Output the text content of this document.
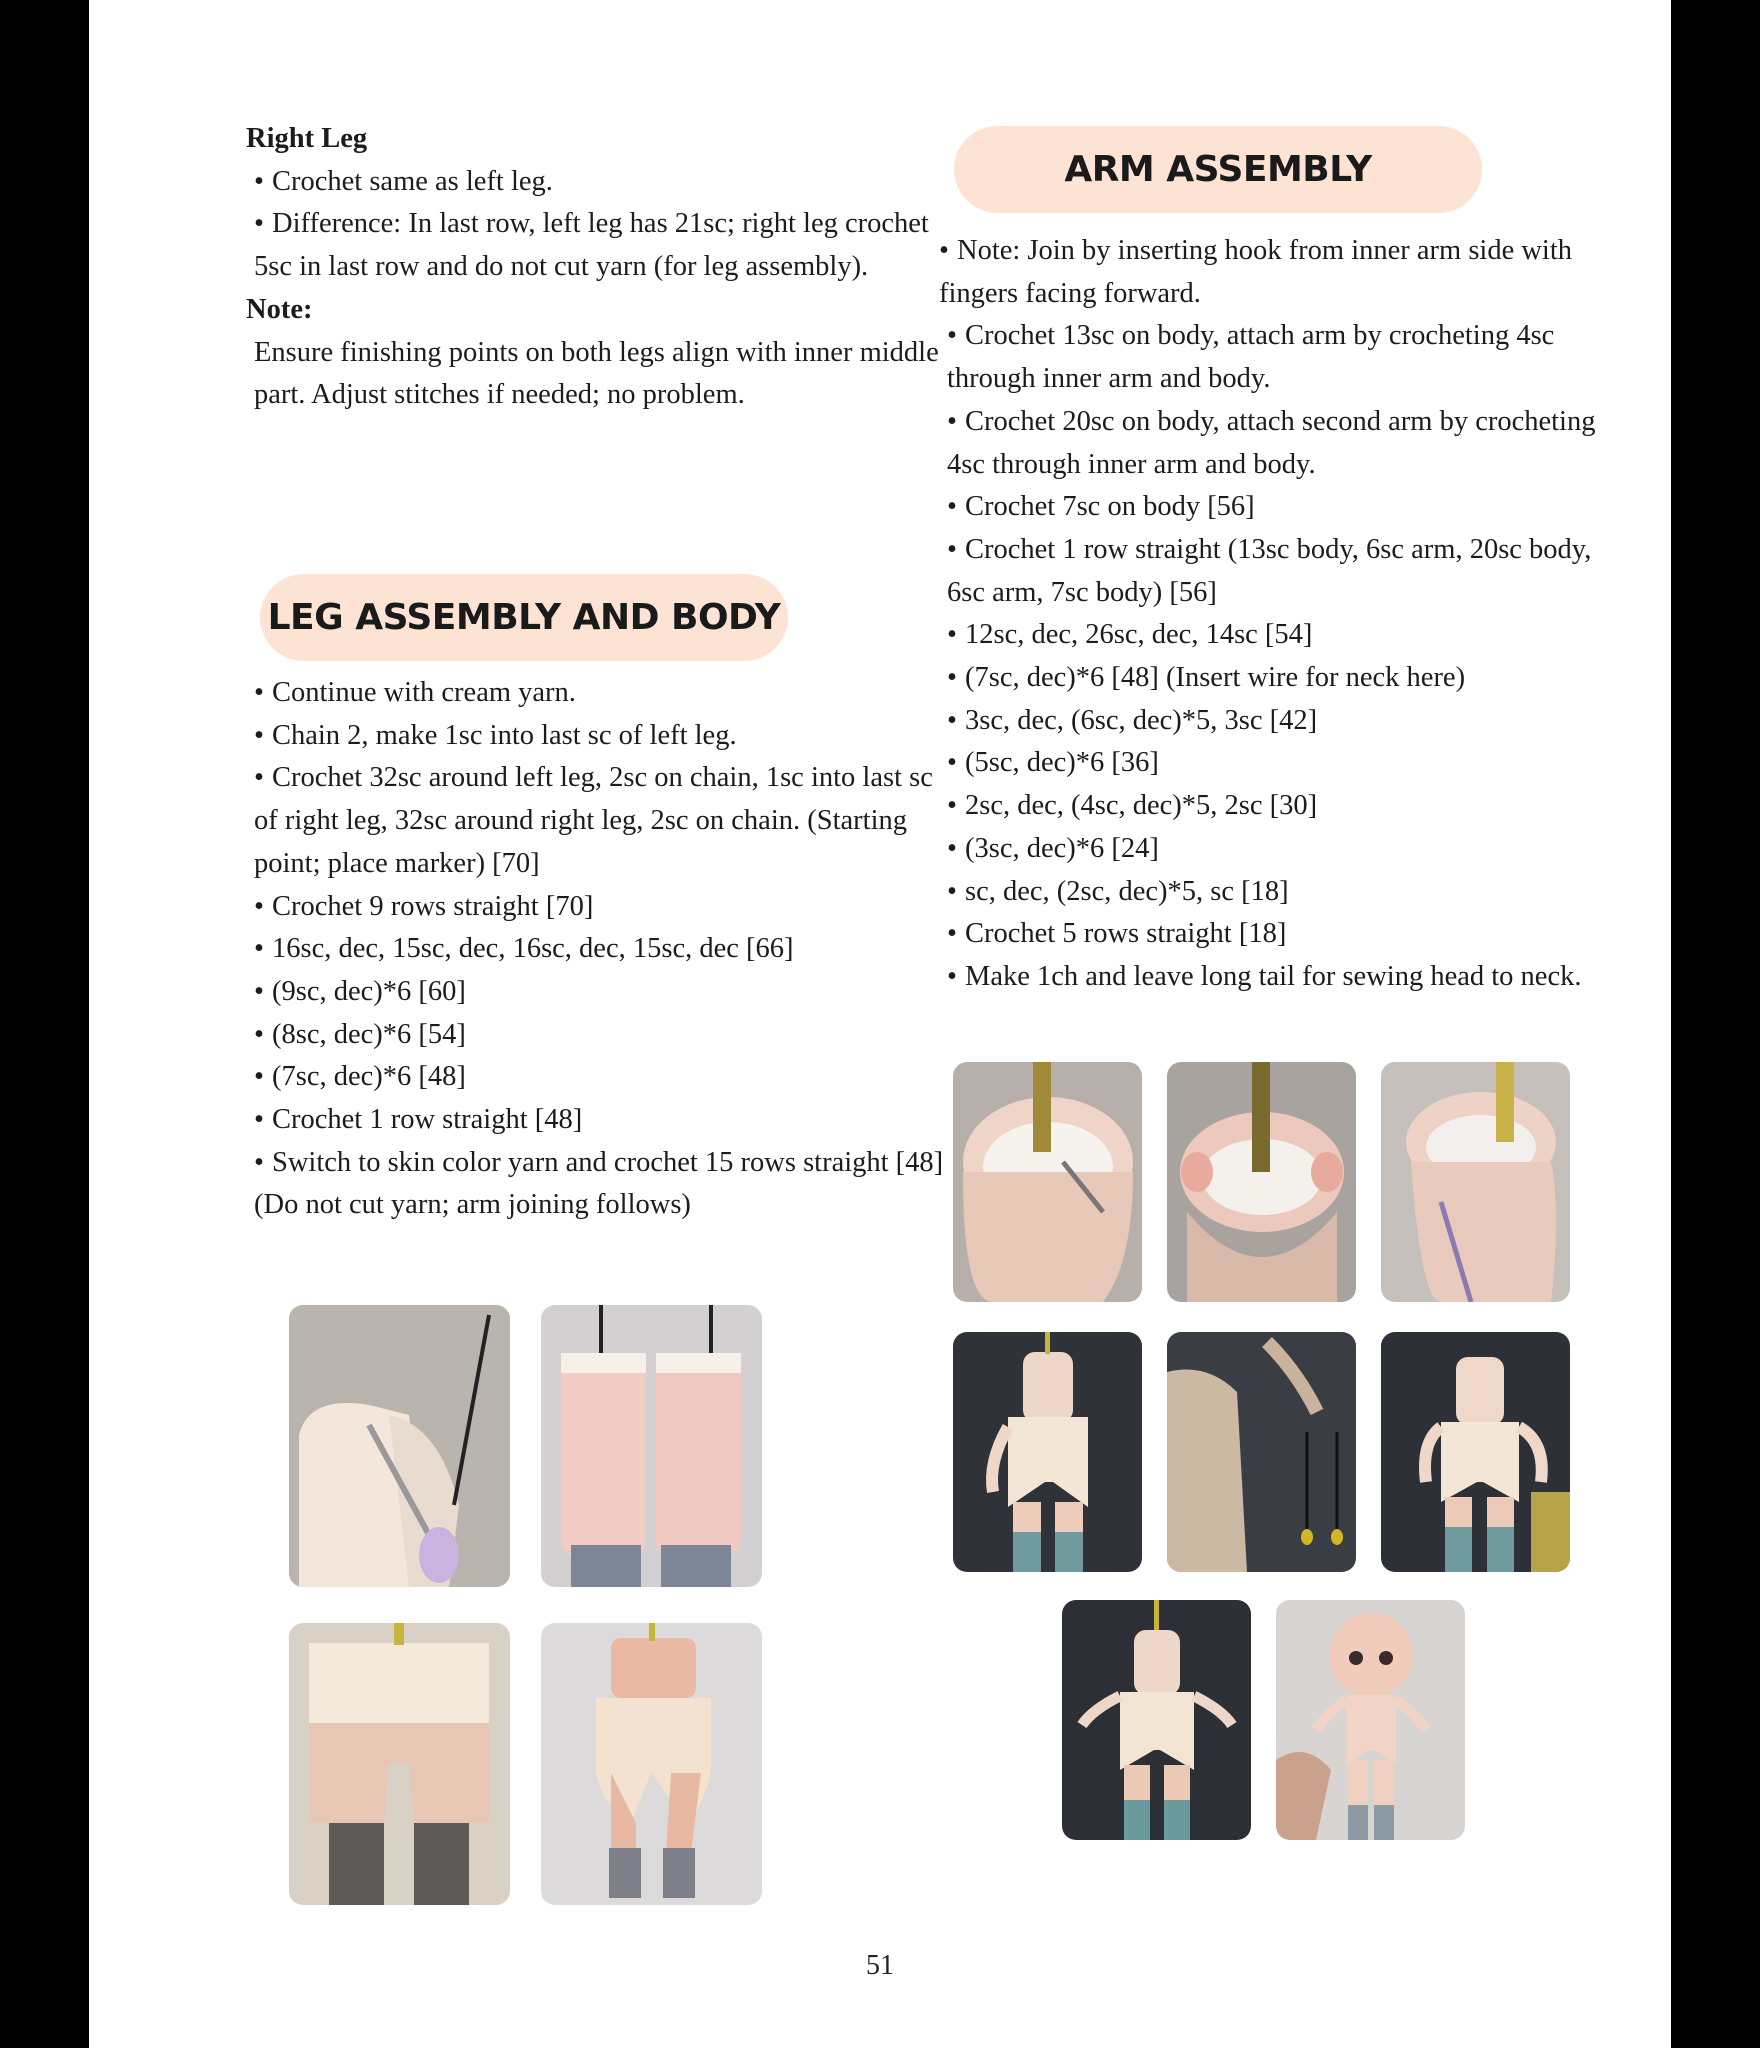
Right Leg

• Crochet same as left leg.
• Difference: In last row, left leg has 21sc; right leg crochet 5sc in last row and do not cut yarn (for leg assembly).

Note:

Ensure finishing points on both legs align with inner middle part. Adjust stitches if needed; no problem.

LEG ASSEMBLY AND BODY
• Continue with cream yarn.
• Chain 2, make 1sc into last sc of left leg.
• Crochet 32sc around left leg, 2sc on chain, 1sc into last sc of right leg, 32sc around right leg, 2sc on chain. (Starting point; place marker) [70]
• Crochet 9 rows straight [70]
• 16sc, dec, 15sc, dec, 16sc, dec, 15sc, dec [66]
• (9sc, dec)*6 [60]
• (8sc, dec)*6 [54]
• (7sc, dec)*6 [48]
• Crochet 1 row straight [48]
• Switch to skin color yarn and crochet 15 rows straight [48] (Do not cut yarn; arm joining follows)
ARM ASSEMBLY
• Note: Join by inserting hook from inner arm side with fingers facing forward.
• Crochet 13sc on body, attach arm by crocheting 4sc through inner arm and body.
• Crochet 20sc on body, attach second arm by crocheting 4sc through inner arm and body.
• Crochet 7sc on body [56]
• Crochet 1 row straight (13sc body, 6sc arm, 20sc body, 6sc arm, 7sc body) [56]
• 12sc, dec, 26sc, dec, 14sc [54]
• (7sc, dec)*6 [48] (Insert wire for neck here)
• 3sc, dec, (6sc, dec)*5, 3sc [42]
• (5sc, dec)*6 [36]
• 2sc, dec, (4sc, dec)*5, 2sc [30]
• (3sc, dec)*6 [24]
• sc, dec, (2sc, dec)*5, sc [18]
• Crochet 5 rows straight [18]
• Make 1ch and leave long tail for sewing head to neck.
51
